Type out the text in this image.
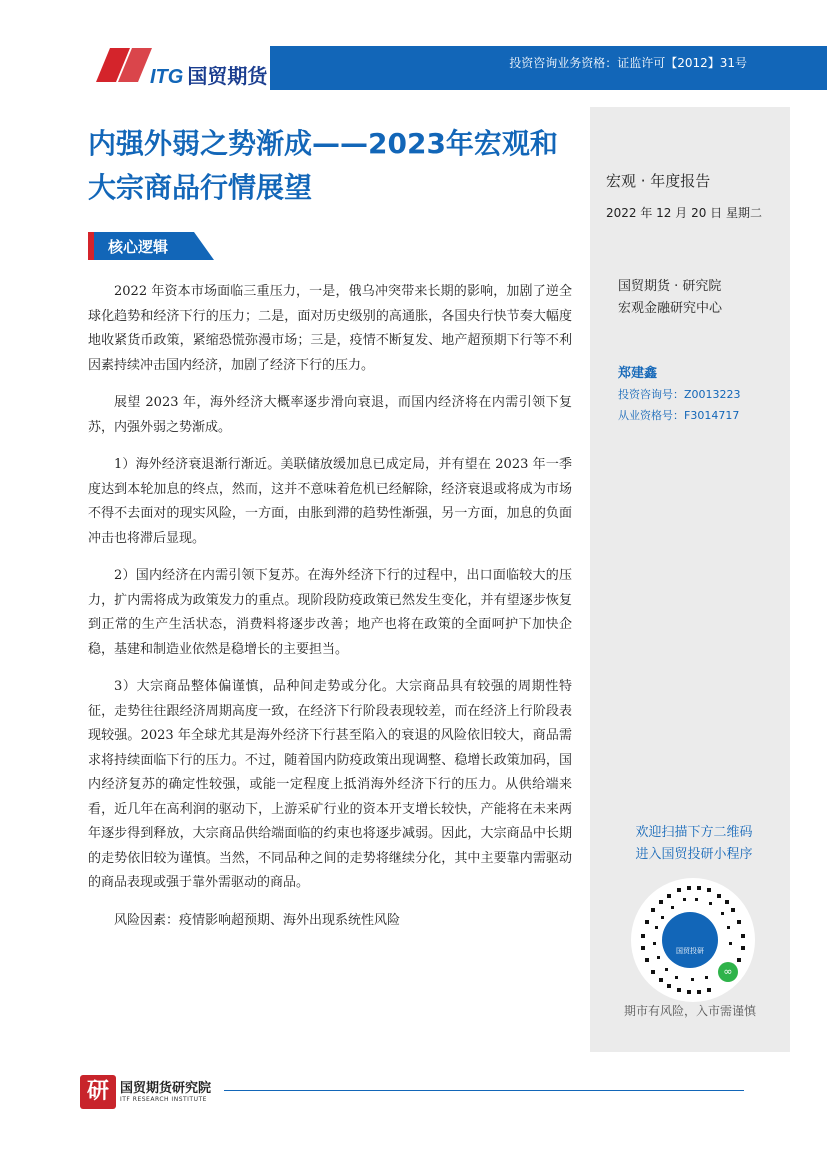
ITG 国贸期货
投资咨询业务资格：证监许可【2012】31号
内强外弱之势渐成——2023年宏观和大宗商品行情展望
核心逻辑

2022 年资本市场面临三重压力，一是，俄乌冲突带来长期的影响，加剧了逆全球化趋势和经济下行的压力；二是，面对历史级别的高通胀，各国央行快节奏大幅度地收紧货币政策，紧缩恐慌弥漫市场；三是，疫情不断复发、地产超预期下行等不利因素持续冲击国内经济，加剧了经济下行的压力。

展望 2023 年，海外经济大概率逐步滑向衰退，而国内经济将在内需引领下复苏，内强外弱之势渐成。

1）海外经济衰退渐行渐近。美联储放缓加息已成定局，并有望在 2023 年一季度达到本轮加息的终点，然而，这并不意味着危机已经解除，经济衰退或将成为市场不得不去面对的现实风险，一方面，由胀到滞的趋势性渐强，另一方面，加息的负面冲击也将滞后显现。

2）国内经济在内需引领下复苏。在海外经济下行的过程中，出口面临较大的压力，扩内需将成为政策发力的重点。现阶段防疫政策已然发生变化，并有望逐步恢复到正常的生产生活状态，消费料将逐步改善；地产也将在政策的全面呵护下加快企稳，基建和制造业依然是稳增长的主要担当。

3）大宗商品整体偏谨慎，品种间走势或分化。大宗商品具有较强的周期性特征，走势往往跟经济周期高度一致，在经济下行阶段表现较差，而在经济上行阶段表现较强。2023 年全球尤其是海外经济下行甚至陷入的衰退的风险依旧较大，商品需求将持续面临下行的压力。不过，随着国内防疫政策出现调整、稳增长政策加码，国内经济复苏的确定性较强，或能一定程度上抵消海外经济下行的压力。从供给端来看，近几年在高利润的驱动下，上游采矿行业的资本开支增长较快，产能将在未来两年逐步得到释放，大宗商品供给端面临的约束也将逐步减弱。因此，大宗商品中长期的走势依旧较为谨慎。当然，不同品种之间的走势将继续分化，其中主要靠内需驱动的商品表现或强于靠外需驱动的商品。

风险因素：疫情影响超预期、海外出现系统性风险

宏观 · 年度报告
2022 年 12 月 20 日 星期二
国贸期货 · 研究院
宏观金融研究中心
郑建鑫
投资咨询号：Z0013223
从业资格号：F3014717
欢迎扫描下方二维码
进入国贸投研小程序
国贸投研
∞
期市有风险，入市需谨慎
研 国贸期货研究院
ITF RESEARCH INSTITUTE
